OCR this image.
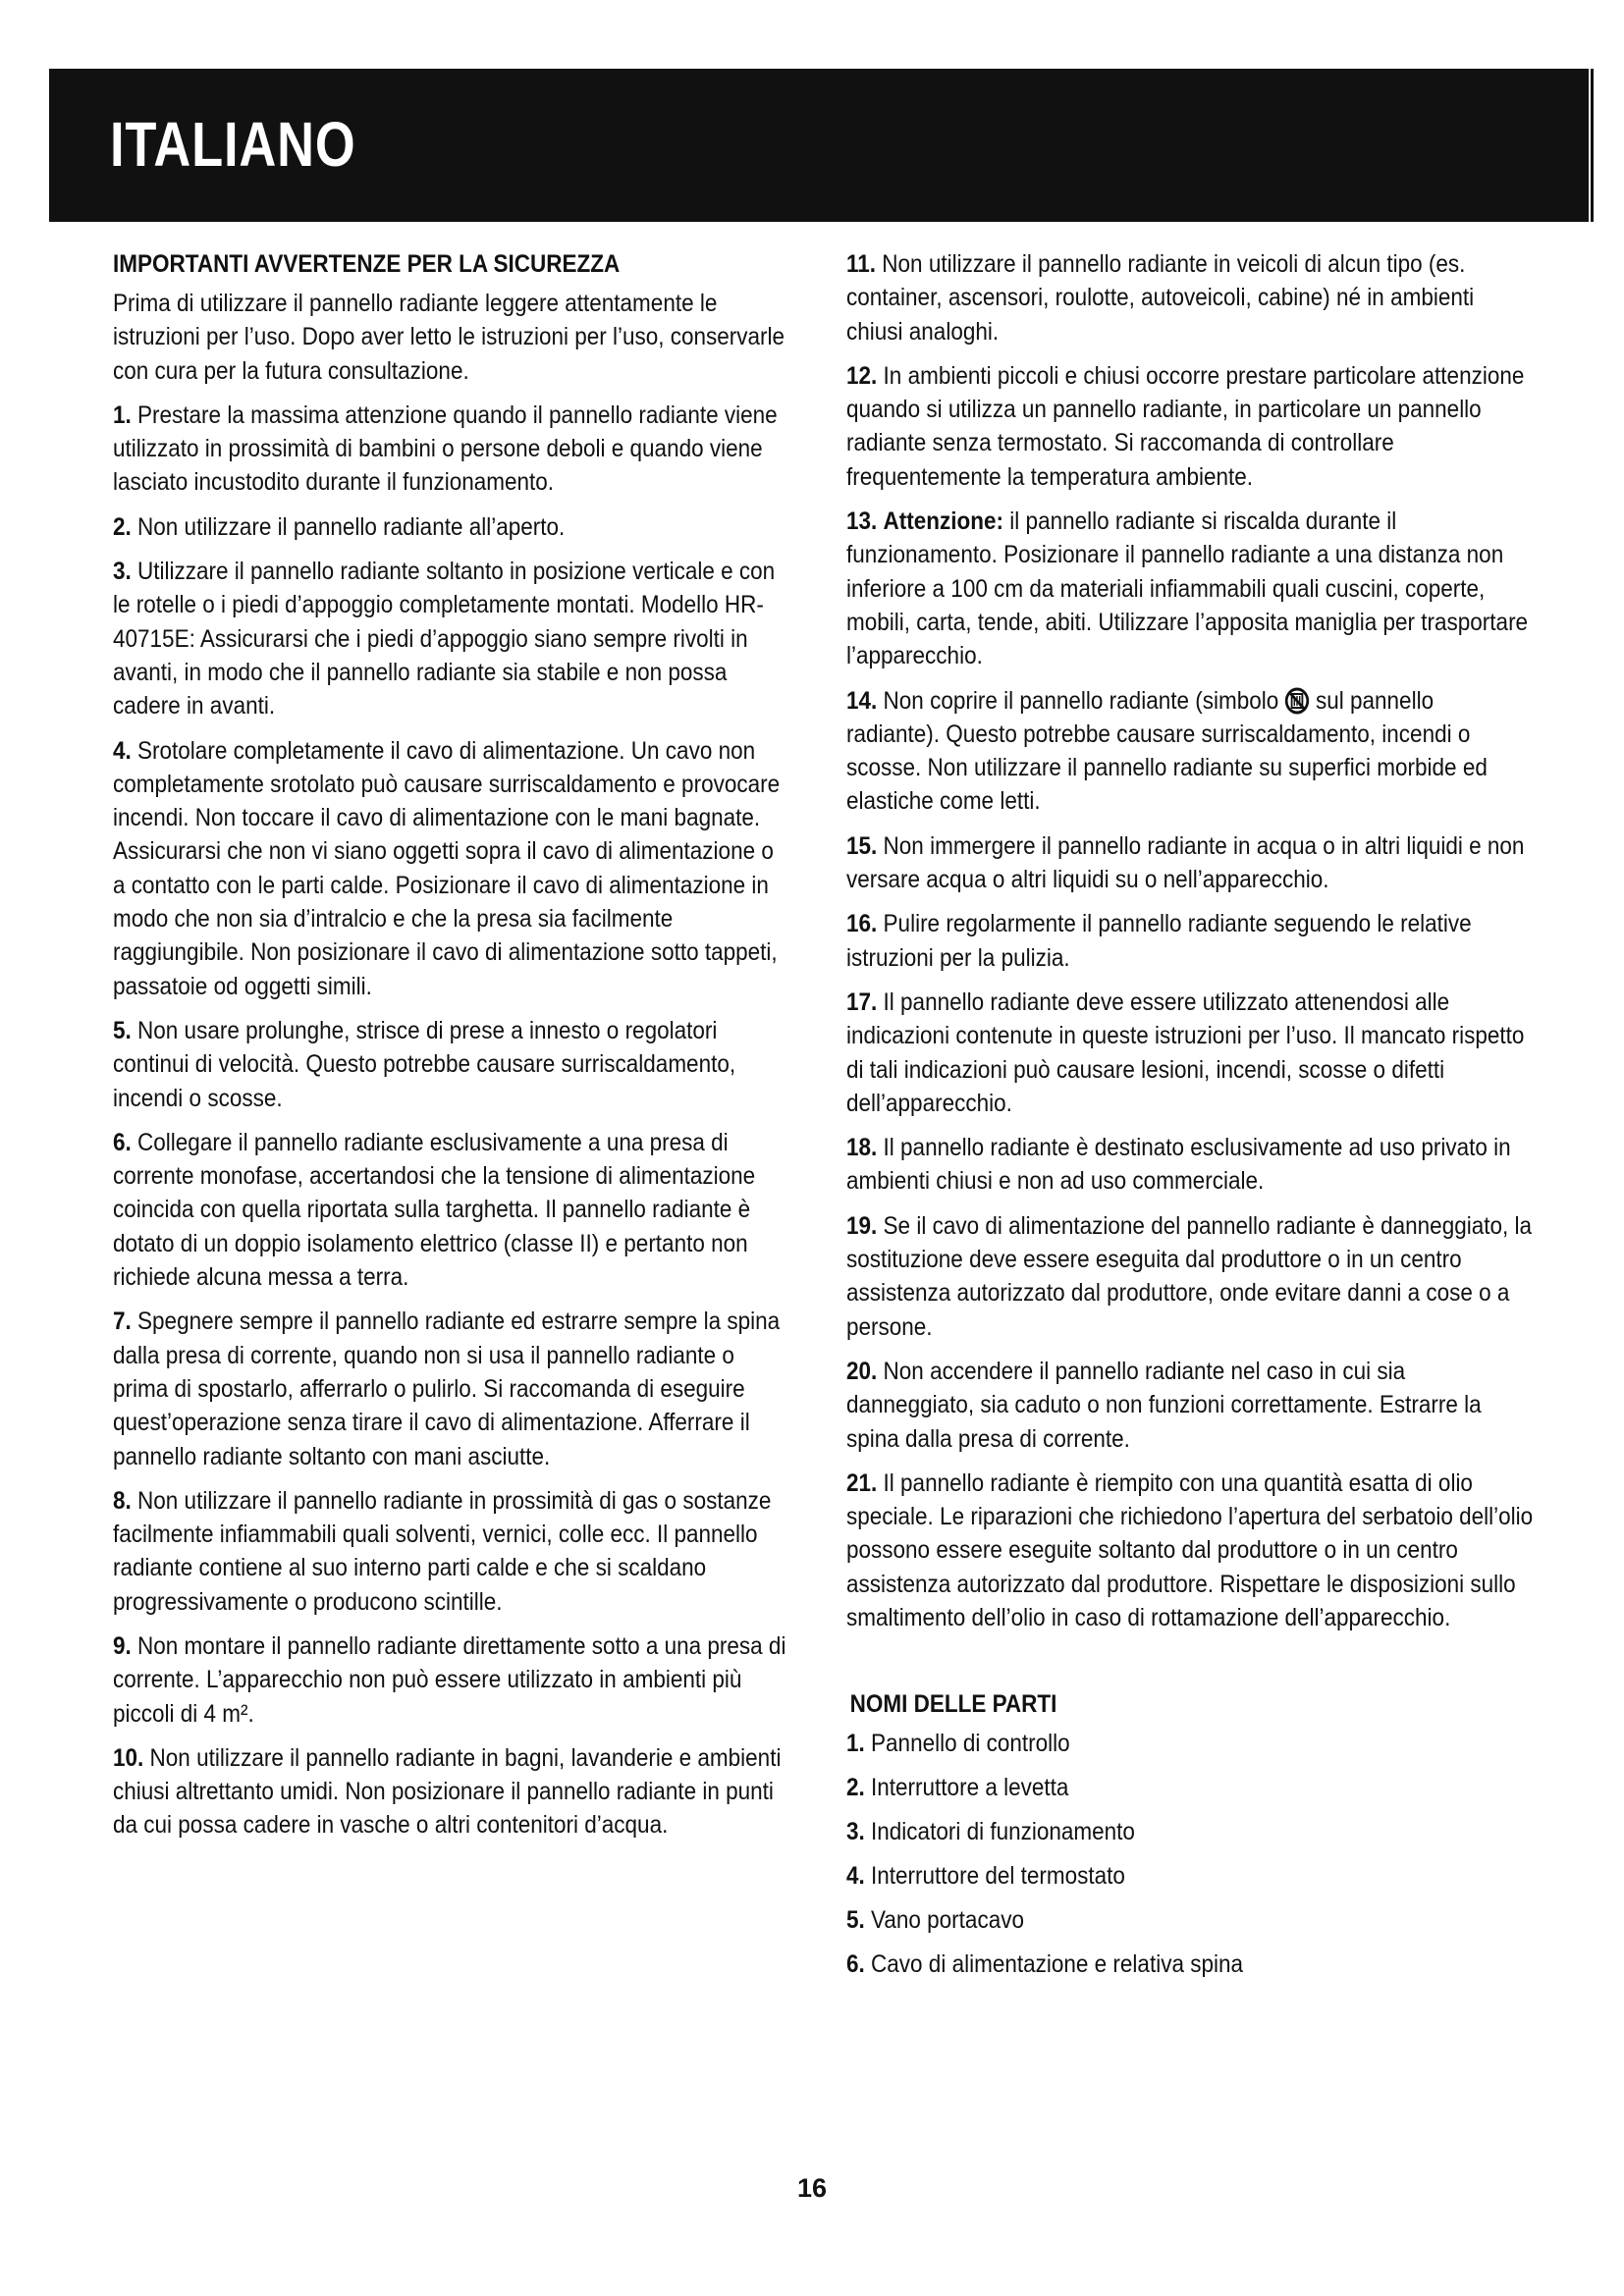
ITALIANO
IMPORTANTI AVVERTENZE PER LA SICUREZZA
Prima di utilizzare il pannello radiante leggere attentamente le istruzioni per l’uso. Dopo aver letto le istruzioni per l’uso, conservarle con cura per la futura consultazione.
1. Prestare la massima attenzione quando il pannello radiante viene utilizzato in prossimità di bambini o persone deboli e quando viene lasciato incustodito durante il funzionamento.
2. Non utilizzare il pannello radiante all’aperto.
3. Utilizzare il pannello radiante soltanto in posizione verticale e con le rotelle o i piedi d’appoggio completamente montati. Modello HR-40715E: Assicurarsi che i piedi d’appoggio siano sempre rivolti in avanti, in modo che il pannello radiante sia stabile e non possa cadere in avanti.
4. Srotolare completamente il cavo di alimentazione. Un cavo non completamente srotolato può causare surriscaldamento e provocare incendi. Non toccare il cavo di alimentazione con le mani bagnate. Assicurarsi che non vi siano oggetti sopra il cavo di alimentazione o a contatto con le parti calde. Posizionare il cavo di alimentazione in modo che non sia d’intralcio e che la presa sia facilmente raggiungibile. Non posizionare il cavo di alimentazione sotto tappeti, passatoie od oggetti simili.
5. Non usare prolunghe, strisce di prese a innesto o regolatori continui di velocità. Questo potrebbe causare surriscaldamento, incendi o scosse.
6. Collegare il pannello radiante esclusivamente a una presa di corrente monofase, accertandosi che la tensione di alimentazione coincida con quella riportata sulla targhetta. Il pannello radiante è dotato di un doppio isolamento elettrico (classe II) e pertanto non richiede alcuna messa a terra.
7. Spegnere sempre il pannello radiante ed estrarre sempre la spina dalla presa di corrente, quando non si usa il pannello radiante o prima di spostarlo, afferrarlo o pulirlo. Si raccomanda di eseguire quest’operazione senza tirare il cavo di alimentazione. Afferrare il pannello radiante soltanto con mani asciutte.
8. Non utilizzare il pannello radiante in prossimità di gas o sostanze facilmente infiammabili quali solventi, vernici, colle ecc. Il pannello radiante contiene al suo interno parti calde e che si scaldano progressivamente o producono scintille.
9. Non montare il pannello radiante direttamente sotto a una presa di corrente. L’apparecchio non può essere utilizzato in ambienti più piccoli di 4 m².
10. Non utilizzare il pannello radiante in bagni, lavanderie e ambienti chiusi altrettanto umidi. Non posizionare il pannello radiante in punti da cui possa cadere in vasche o altri contenitori d’acqua.
11. Non utilizzare il pannello radiante in veicoli di alcun tipo (es. container, ascensori, roulotte, autoveicoli, cabine) né in ambienti chiusi analoghi.
12. In ambienti piccoli e chiusi occorre prestare particolare attenzione quando si utilizza un pannello radiante, in particolare un pannello radiante senza termostato. Si raccomanda di controllare frequentemente la temperatura ambiente.
13. Attenzione: il pannello radiante si riscalda durante il funzionamento. Posizionare il pannello radiante a una distanza non inferiore a 100 cm da materiali infiammabili quali cuscini, coperte, mobili, carta, tende, abiti. Utilizzare l’apposita maniglia per trasportare l’apparecchio.
14. Non coprire il pannello radiante (simbolo sul pannello radiante). Questo potrebbe causare surriscaldamento, incendi o scosse. Non utilizzare il pannello radiante su superfici morbide ed elastiche come letti.
15. Non immergere il pannello radiante in acqua o in altri liquidi e non versare acqua o altri liquidi su o nell’apparecchio.
16. Pulire regolarmente il pannello radiante seguendo le relative istruzioni per la pulizia.
17. Il pannello radiante deve essere utilizzato attenendosi alle indicazioni contenute in queste istruzioni per l’uso. Il mancato rispetto di tali indicazioni può causare lesioni, incendi, scosse o difetti dell’apparecchio.
18. Il pannello radiante è destinato esclusivamente ad uso privato in ambienti chiusi e non ad uso commerciale.
19. Se il cavo di alimentazione del pannello radiante è danneggiato, la sostituzione deve essere eseguita dal produttore o in un centro assistenza autorizzato dal produttore, onde evitare danni a cose o a persone.
20. Non accendere il pannello radiante nel caso in cui sia danneggiato, sia caduto o non funzioni correttamente. Estrarre la spina dalla presa di corrente.
21. Il pannello radiante è riempito con una quantità esatta di olio speciale. Le riparazioni che richiedono l’apertura del serbatoio dell’olio possono essere eseguite soltanto dal produttore o in un centro assistenza autorizzato dal produttore. Rispettare le disposizioni sullo smaltimento dell’olio in caso di rottamazione dell’apparecchio.
NOMI DELLE PARTI
1. Pannello di controllo
2. Interruttore a levetta
3. Indicatori di funzionamento
4. Interruttore del termostato
5. Vano portacavo
6. Cavo di alimentazione e relativa spina
16
